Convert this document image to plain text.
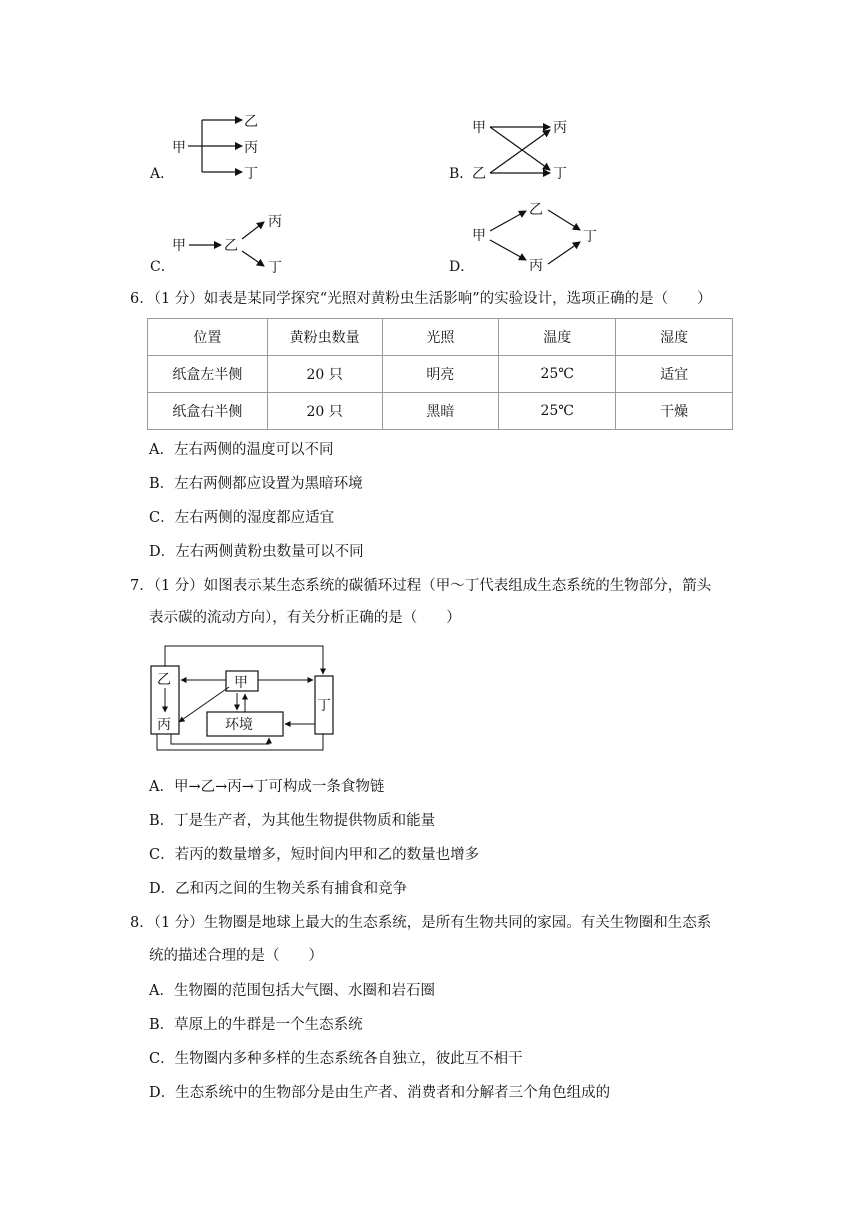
A．
甲
乙
丙
丁	B．
甲
乙
丙
丁
C．
甲	乙
丙
丁	D．
甲
乙
丙
丁
6．（1 分）如表是某同学探究“光照对黄粉虫生活影响”的实验设计，选项正确的是（　　）
位置	黄粉虫数量	光照	温度	湿度
纸盒左半侧	20 只	明亮	25℃	适宜
纸盒右半侧	20 只	黑暗	25℃	干燥
A．左右两侧的温度可以不同
B．左右两侧都应设置为黑暗环境
C．左右两侧的湿度都应适宜
D．左右两侧黄粉虫数量可以不同
7．（1 分）如图表示某生态系统的碳循环过程（甲～丁代表组成生态系统的生物部分，箭头
表示碳的流动方向），有关分析正确的是（　　）
乙
丙
甲
环境
丁
A．甲→乙→丙→丁可构成一条食物链
B．丁是生产者，为其他生物提供物质和能量
C．若丙的数量增多，短时间内甲和乙的数量也增多
D．乙和丙之间的生物关系有捕食和竞争
8．（1 分）生物圈是地球上最大的生态系统，是所有生物共同的家园。有关生物圈和生态系
统的描述合理的是（　　）
A．生物圈的范围包括大气圈、水圈和岩石圈
B．草原上的牛群是一个生态系统
C．生物圈内多种多样的生态系统各自独立，彼此互不相干
D．生态系统中的生物部分是由生产者、消费者和分解者三个角色组成的
